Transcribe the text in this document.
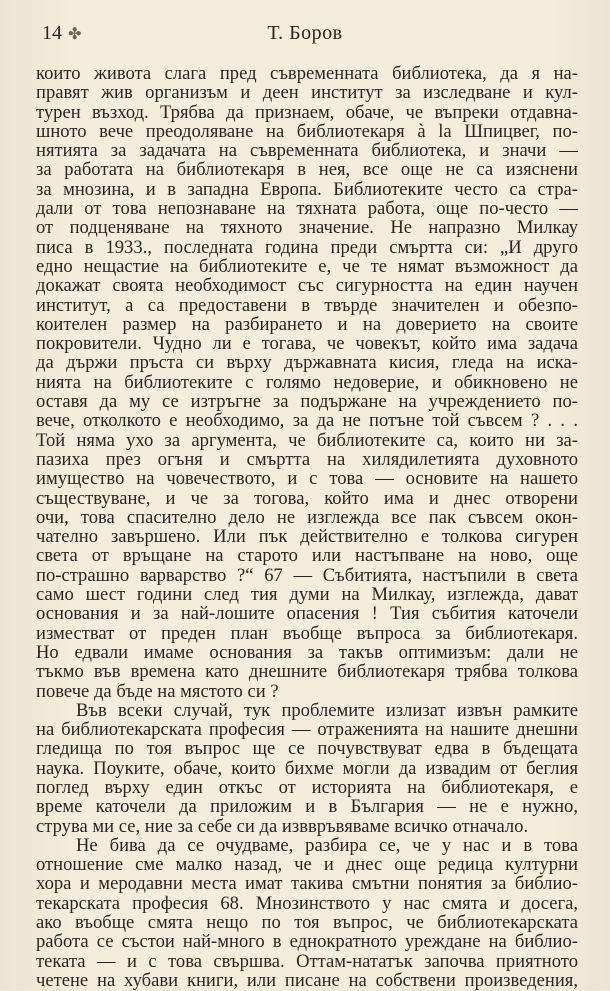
14 ✤	Т. Боров
които живота слага пред съвременната библиотека, да я на-
правят жив организъм и деен институт за изследване и кул-
турен възход. Трябва да признаем, обаче, че въпреки отдавна-
шното вече преодоляване на библиотекаря à la Шпицвег, по-
нятията за задачата на съвременната библиотека, и значи —
за работата на библиотекаря в нея, все още не са изяснени
за мнозина, и в западна Европа. Библиотеките често са стра-
дали от това непознаване на тяхната работа, още по-често —
от подценяване на тяхното значение. Не напразно Милкау
писа в 1933., последната година преди смъртта си: „И друго
едно нещастие на библиотеките е, че те нямат възможност да
докажат своята необходимост със сигурността на един научен
институт, а са предоставени в твърде значителен и обезпо-
коителен размер на разбирането и на доверието на своите
покровители. Чудно ли е тогава, че човекът, който има задача
да държи пръста си върху държавната кисия, гледа на иска-
нията на библиотеките с голямо недоверие, и обикновено не
оставя да му се изтръгне за подържане на учреждението по-
вече, отколкото е необходимо, за да не потъне той съвсем ? . . .
Той няма ухо за аргумента, че библиотеките са, които ни за-
пазиха през огъня и смъртта на хилядилетията духовното
имущество на човечеството, и с това — основите на нашето
съществуване, и че за тогова, който има и днес отворени
очи, това спасително дело не изглежда все пак съвсем окон-
чателно завършено. Или пък действително е толкова сигурен
света от връщане на старото или настъпване на ново, още
по-страшно варварство ?“ 67 — Събитията, настъпили в света
само шест години след тия думи на Милкау, изглежда, дават
основания и за най-лошите опасения ! Тия събития каточели
изместват от преден план въобще въпроса за библиотекаря.
Но едвали имаме основания за такъв оптимизъм: дали не
тъкмо във времена като днешните библиотекаря трябва толкова
повече да бъде на мястото си ?
Във всеки случай, тук проблемите излизат извън рамките
на библиотекарската професия — отраженията на нашите днешни
гледища по тоя въпрос ще се почувствуват едва в бъдещата
наука. Поуките, обаче, които бихме могли да извадим от беглия
поглед върху един откъс от историята на библиотекаря, е
време каточели да приложим и в България — не е нужно,
струва ми се, ние за себе си да изввръвяваме всичко отначало.
Не бива да се очудваме, разбира се, че у нас и в това
отношение сме малко назад, че и днес още редица културни
хора и меродавни места имат такива смътни понятия за библио-
текарската професия 68. Мнозинството у нас смята и досега,
ако въобще смята нещо по тоя въпрос, че библиотекарската
работа се състои най-много в еднократното уреждане на библио-
теката — и с това свършва. Оттам-нататък започва приятното
четене на хубави книги, или писане на собствени произведения,
